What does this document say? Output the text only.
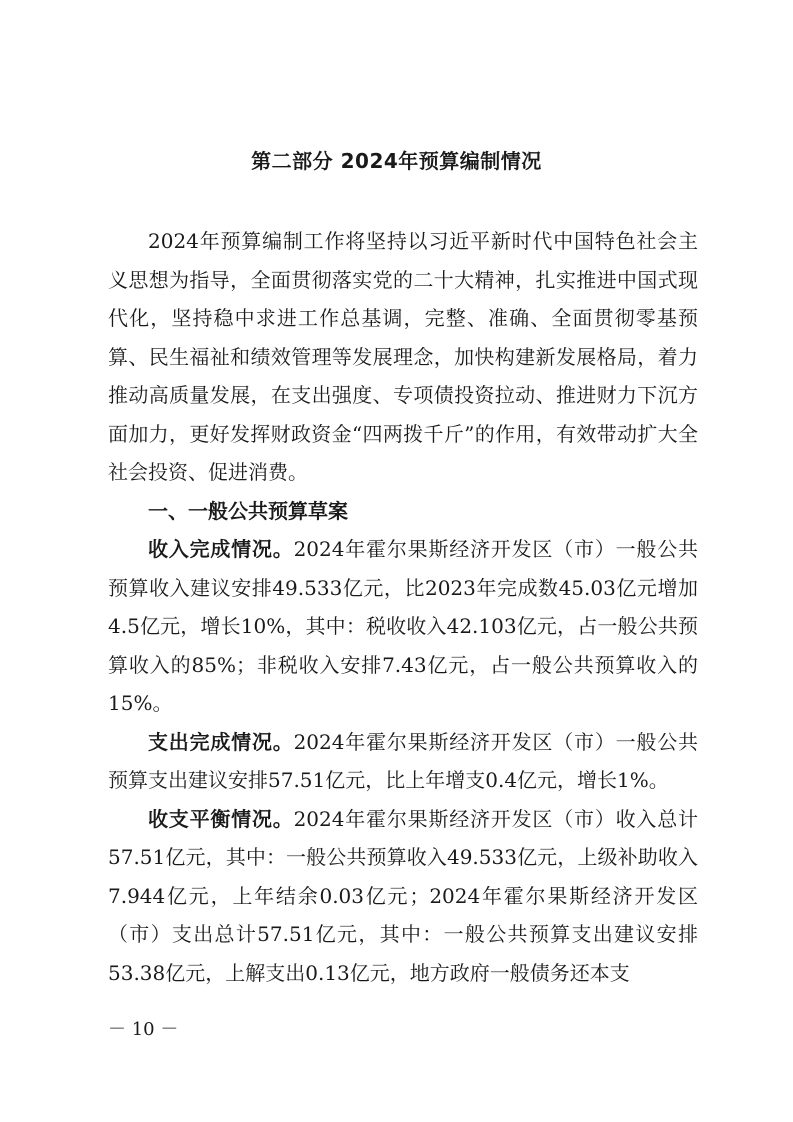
第二部分 2024年预算编制情况

2024年预算编制工作将坚持以习近平新时代中国特色社会主义思想为指导，全面贯彻落实党的二十大精神，扎实推进中国式现代化，坚持稳中求进工作总基调，完整、准确、全面贯彻零基预算、民生福祉和绩效管理等发展理念，加快构建新发展格局，着力推动高质量发展，在支出强度、专项债投资拉动、推进财力下沉方面加力，更好发挥财政资金“四两拨千斤”的作用，有效带动扩大全社会投资、促进消费。

一、一般公共预算草案

收入完成情况。2024年霍尔果斯经济开发区（市）一般公共预算收入建议安排49.533亿元，比2023年完成数45.03亿元增加4.5亿元，增长10%，其中：税收收入42.103亿元，占一般公共预算收入的85%；非税收入安排7.43亿元，占一般公共预算收入的15%。

支出完成情况。2024年霍尔果斯经济开发区（市）一般公共预算支出建议安排57.51亿元，比上年增支0.4亿元，增长1%。

收支平衡情况。2024年霍尔果斯经济开发区（市）收入总计57.51亿元，其中：一般公共预算收入49.533亿元，上级补助收入7.944亿元，上年结余0.03亿元；2024年霍尔果斯经济开发区（市）支出总计57.51亿元，其中：一般公共预算支出建议安排53.38亿元，上解支出0.13亿元，地方政府一般债务还本支

－ 10 －
